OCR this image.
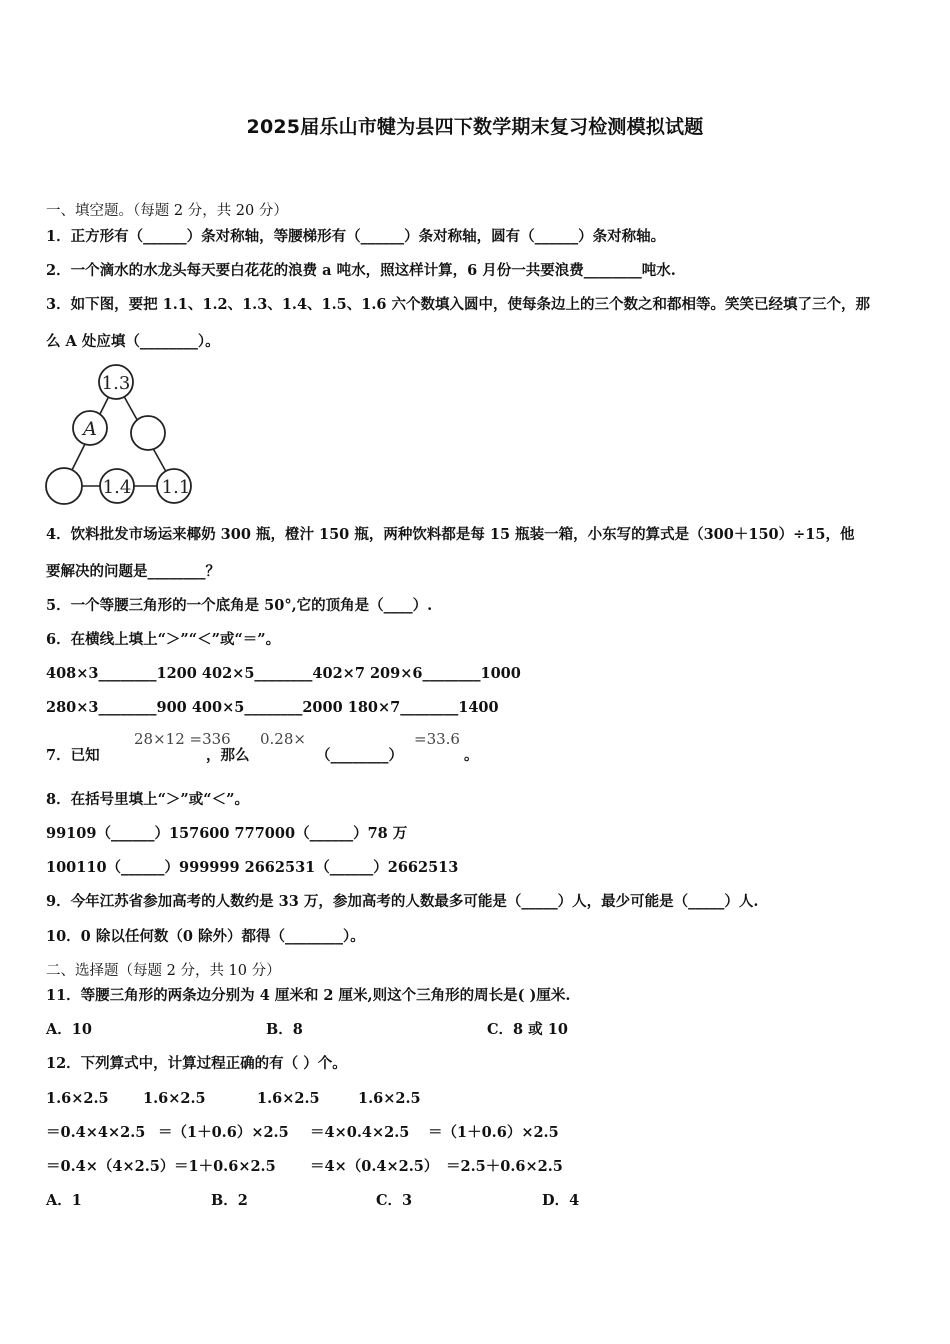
2025届乐山市犍为县四下数学期末复习检测模拟试题
一、填空题。（每题 2 分，共 20 分）
1．正方形有（______）条对称轴，等腰梯形有（______）条对称轴，圆有（______）条对称轴。
2．一个滴水的水龙头每天要白花花的浪费 a 吨水，照这样计算，6 月份一共要浪费________吨水.
3．如下图，要把 1.1、1.2、1.3、1.4、1.5、1.6 六个数填入圆中，使每条边上的三个数之和都相等。笑笑已经填了三个，那
么 A 处应填（________）。
1.3
A
1.4 1.1
4．饮料批发市场运来椰奶 300 瓶，橙汁 150 瓶，两种饮料都是每 15 瓶装一箱，小东写的算式是（300＋150）÷15，他
要解决的问题是________？
5．一个等腰三角形的一个底角是 50°,它的顶角是（____）.
6．在横线上填上“＞”“＜”或“＝”。
408×3________1200 402×5________402×7 209×6________1000
280×3________900 400×5________2000 180×7________1400
7．已知
28×12 =336
，那么
0.28×
（________）
=33.6
。
8．在括号里填上“＞”或“＜”。
99109（______）157600 777000（______）78 万
100110（______）999999 2662531（______）2662513
9．今年江苏省参加高考的人数约是 33 万，参加高考的人数最多可能是（_____）人，最少可能是（_____）人.
10．0 除以任何数（0 除外）都得（________）。
二、选择题（每题 2 分，共 10 分）
11．等腰三角形的两条边分别为 4 厘米和 2 厘米,则这个三角形的周长是( )厘米.
A．10	B．8	C．8 或 10
12．下列算式中，计算过程正确的有（ ）个。
1.6×2.5	1.6×2.5	1.6×2.5	1.6×2.5
＝0.4×4×2.5 ＝（1＋0.6）×2.5	＝4×0.4×2.5	＝（1＋0.6）×2.5
＝0.4×（4×2.5） ＝1＋0.6×2.5	＝4×（0.4×2.5） ＝2.5＋0.6×2.5
A．1	B．2	C．3	D．4
